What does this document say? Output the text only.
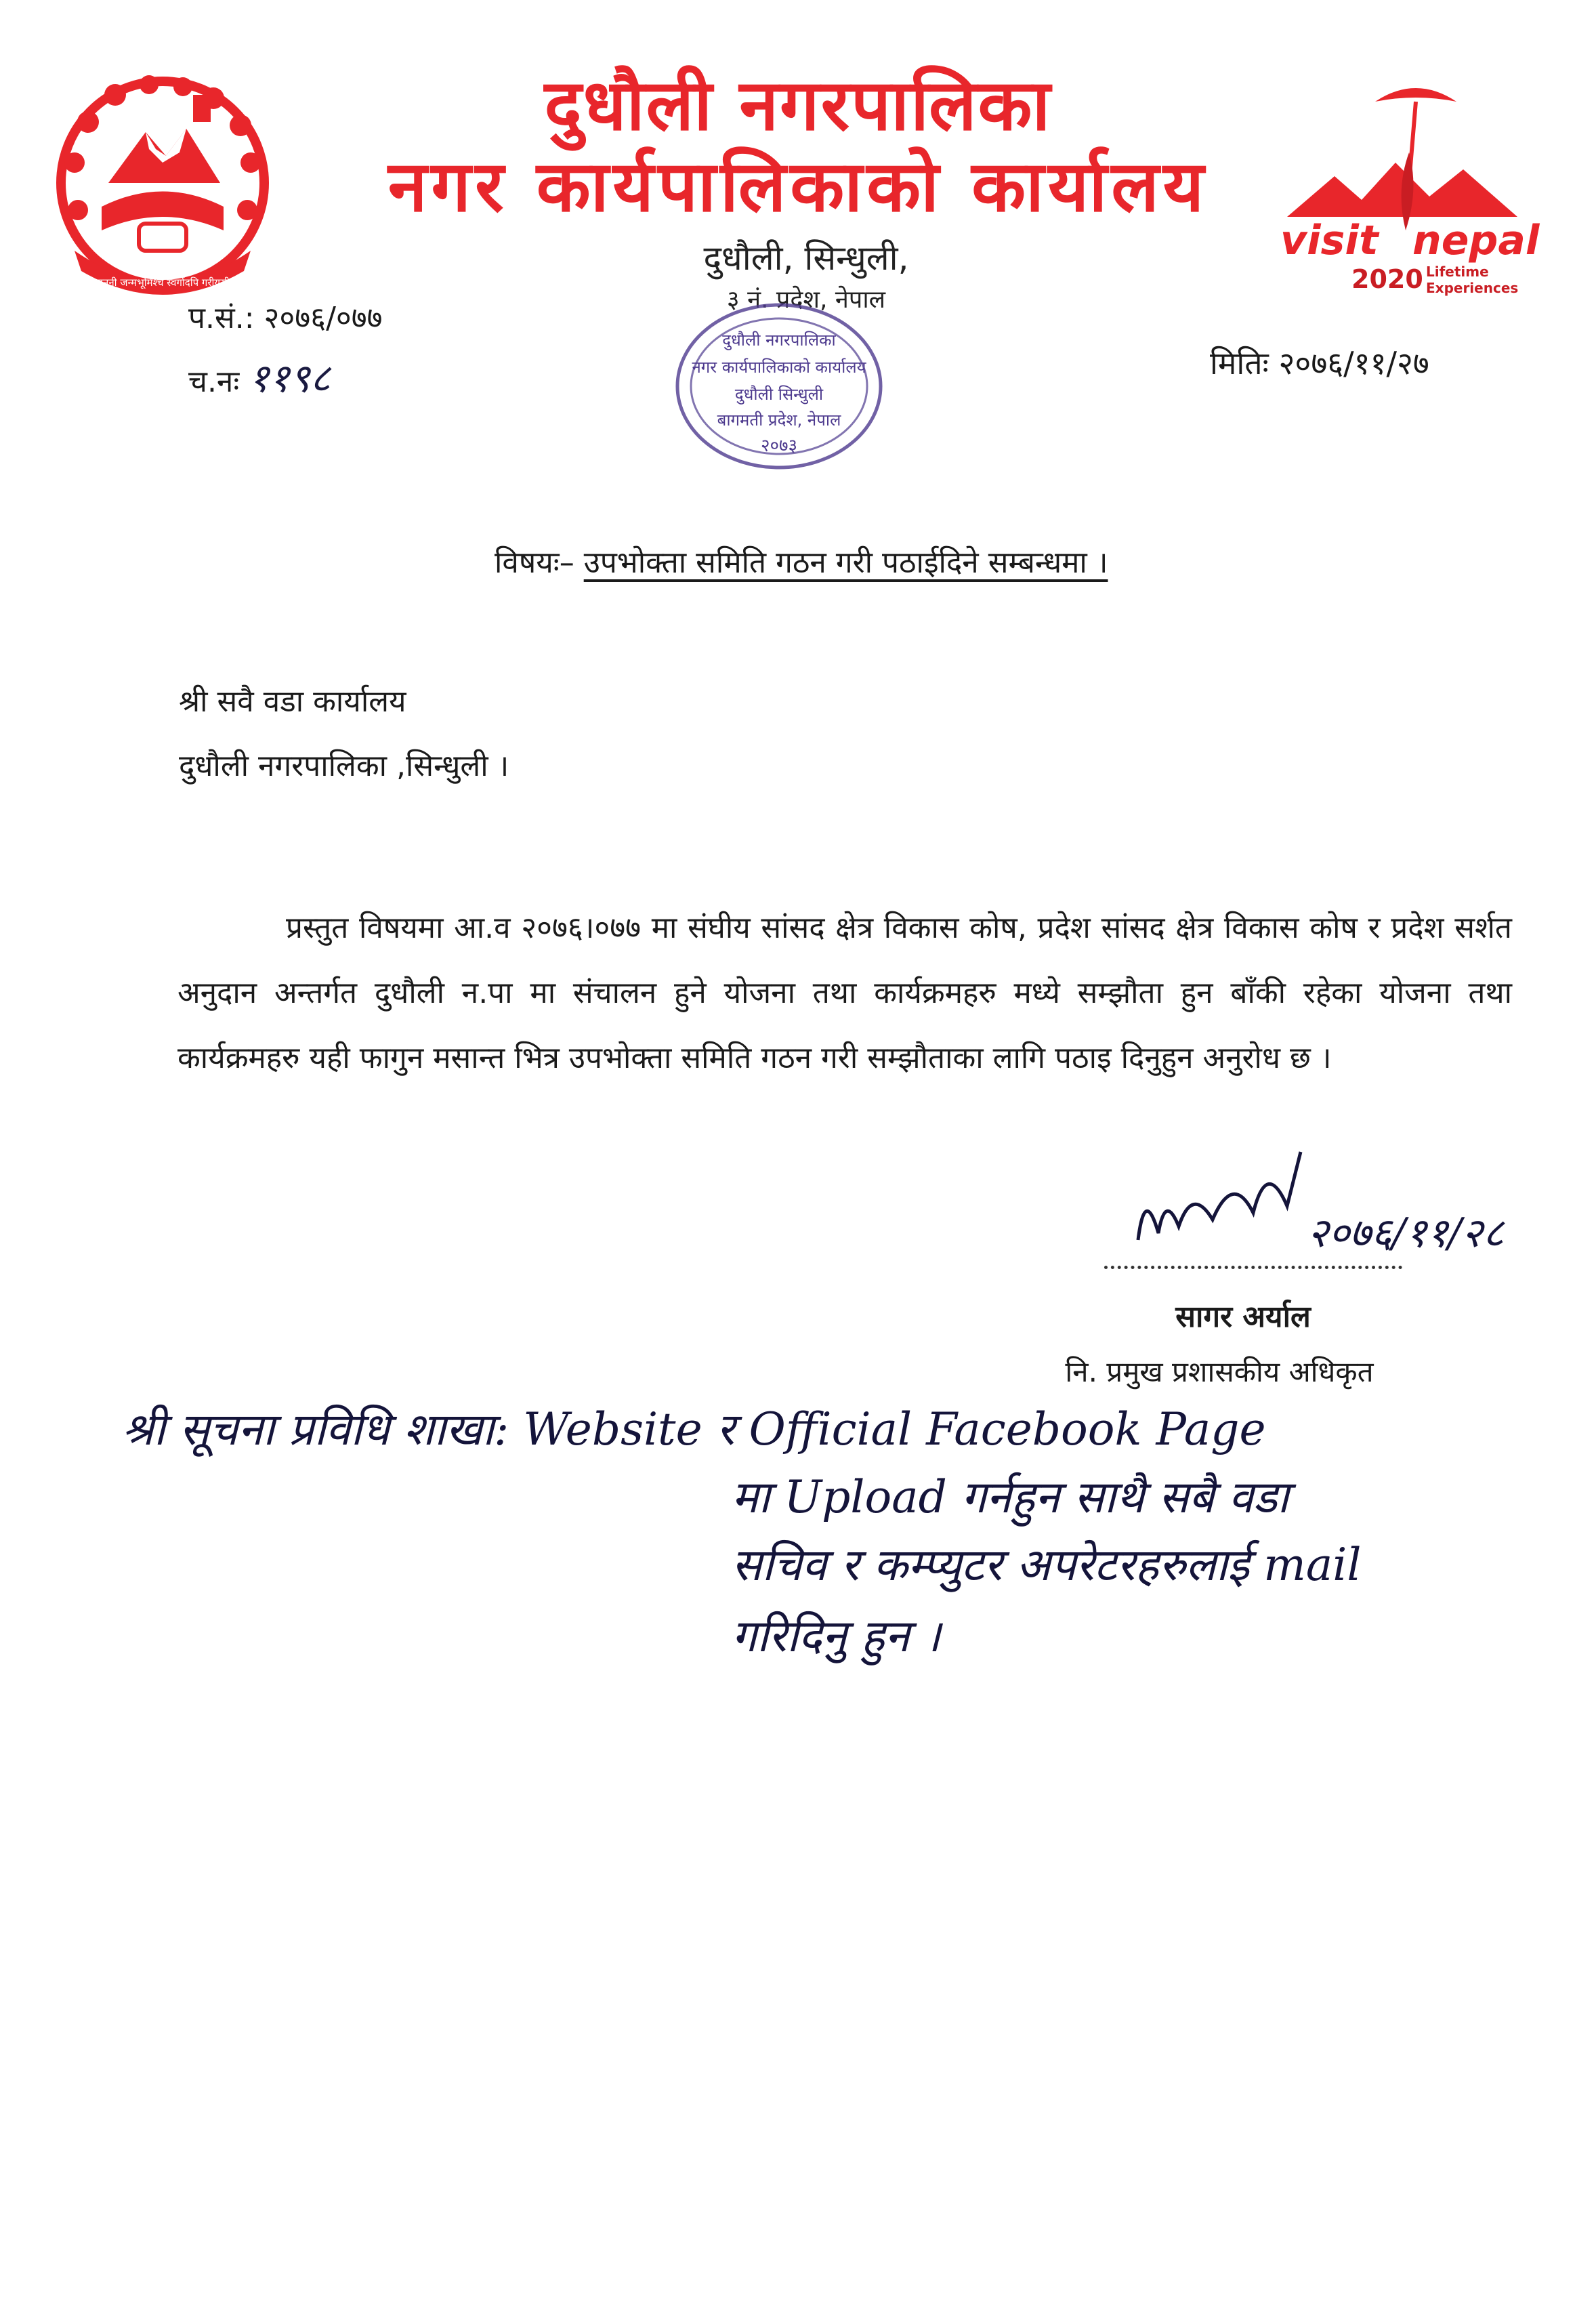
जननी जन्मभूमिश्च स्वर्गादपि गरीयसी
दुधौली नगरपालिका
नगर कार्यपालिकाको कार्यालय
visit nepal
2020 Lifetime
Experiences
दुधौली, सिन्धुली,
३ नं. प्रदेश, नेपाल
दुधौली नगरपालिका
नगर कार्यपालिकाको कार्यालय
दुधौली सिन्धुली
बागमती प्रदेश, नेपाल
२०७३
प.सं.: २०७६/०७७
च.नः ११९८	मितिः २०७६/११/२७
विषयः– उपभोक्ता समिति गठन गरी पठाईदिने सम्बन्धमा ।
श्री सवै वडा कार्यालय
दुधौली नगरपालिका ,सिन्धुली ।
प्रस्तुत विषयमा आ.व २०७६।०७७ मा संघीय सांसद क्षेत्र विकास कोष, प्रदेश सांसद क्षेत्र विकास कोष र प्रदेश सर्शत अनुदान अन्तर्गत दुधौली न.पा मा संचालन हुने योजना तथा कार्यक्रमहरु मध्ये सम्झौता हुन बाँकी रहेका योजना तथा कार्यक्रमहरु यही फागुन मसान्त भित्र उपभोक्ता समिति गठन गरी सम्झौताका लागि पठाइ दिनुहुन अनुरोध छ ।
२०७६/११/२८
सागर अर्याल
नि. प्रमुख प्रशासकीय अधिकृत
श्री सूचना प्रविधि शाखा: Website र Official Facebook Page
मा Upload गर्नहुन साथै सबै वडा
सचिव र कम्प्युटर अपरेटरहरुलाई mail
गरिदिनु हुन ।
